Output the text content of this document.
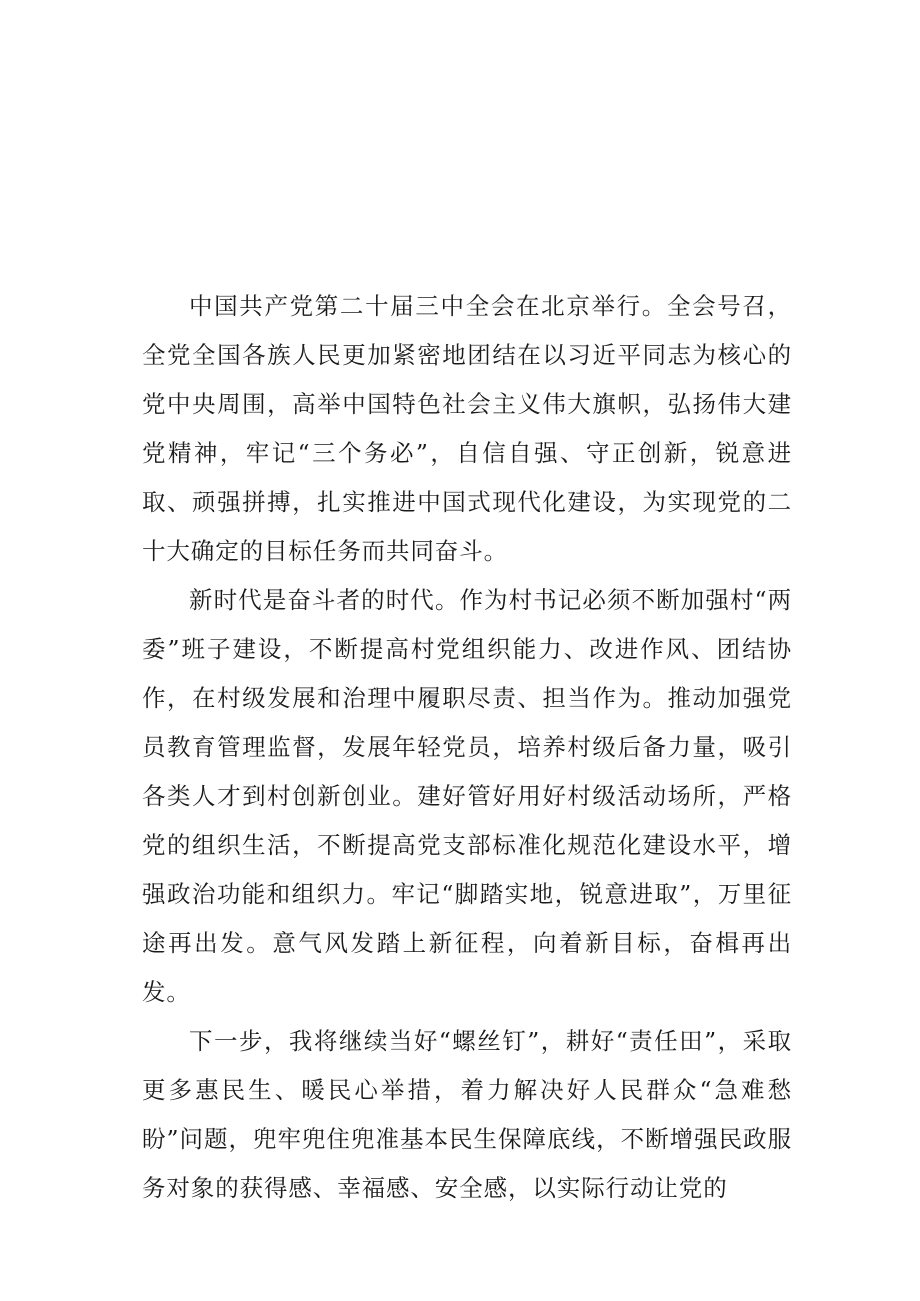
中国共产党第二十届三中全会在北京举行。全会号召，全党全国各族人民更加紧密地团结在以习近平同志为核心的党中央周围，高举中国特色社会主义伟大旗帜，弘扬伟大建党精神，牢记“三个务必”，自信自强、守正创新，锐意进取、顽强拼搏，扎实推进中国式现代化建设，为实现党的二十大确定的目标任务而共同奋斗。

新时代是奋斗者的时代。作为村书记必须不断加强村“两委”班子建设，不断提高村党组织能力、改进作风、团结协作，在村级发展和治理中履职尽责、担当作为。推动加强党员教育管理监督，发展年轻党员，培养村级后备力量，吸引各类人才到村创新创业。建好管好用好村级活动场所，严格党的组织生活，不断提高党支部标准化规范化建设水平，增强政治功能和组织力。牢记“脚踏实地，锐意进取”，万里征途再出发。意气风发踏上新征程，向着新目标，奋楫再出发。

下一步，我将继续当好“螺丝钉”，耕好“责任田”，采取更多惠民生、暖民心举措，着力解决好人民群众“急难愁盼”问题，兜牢兜住兜准基本民生保障底线，不断增强民政服务对象的获得感、幸福感、安全感，以实际行动让党的
